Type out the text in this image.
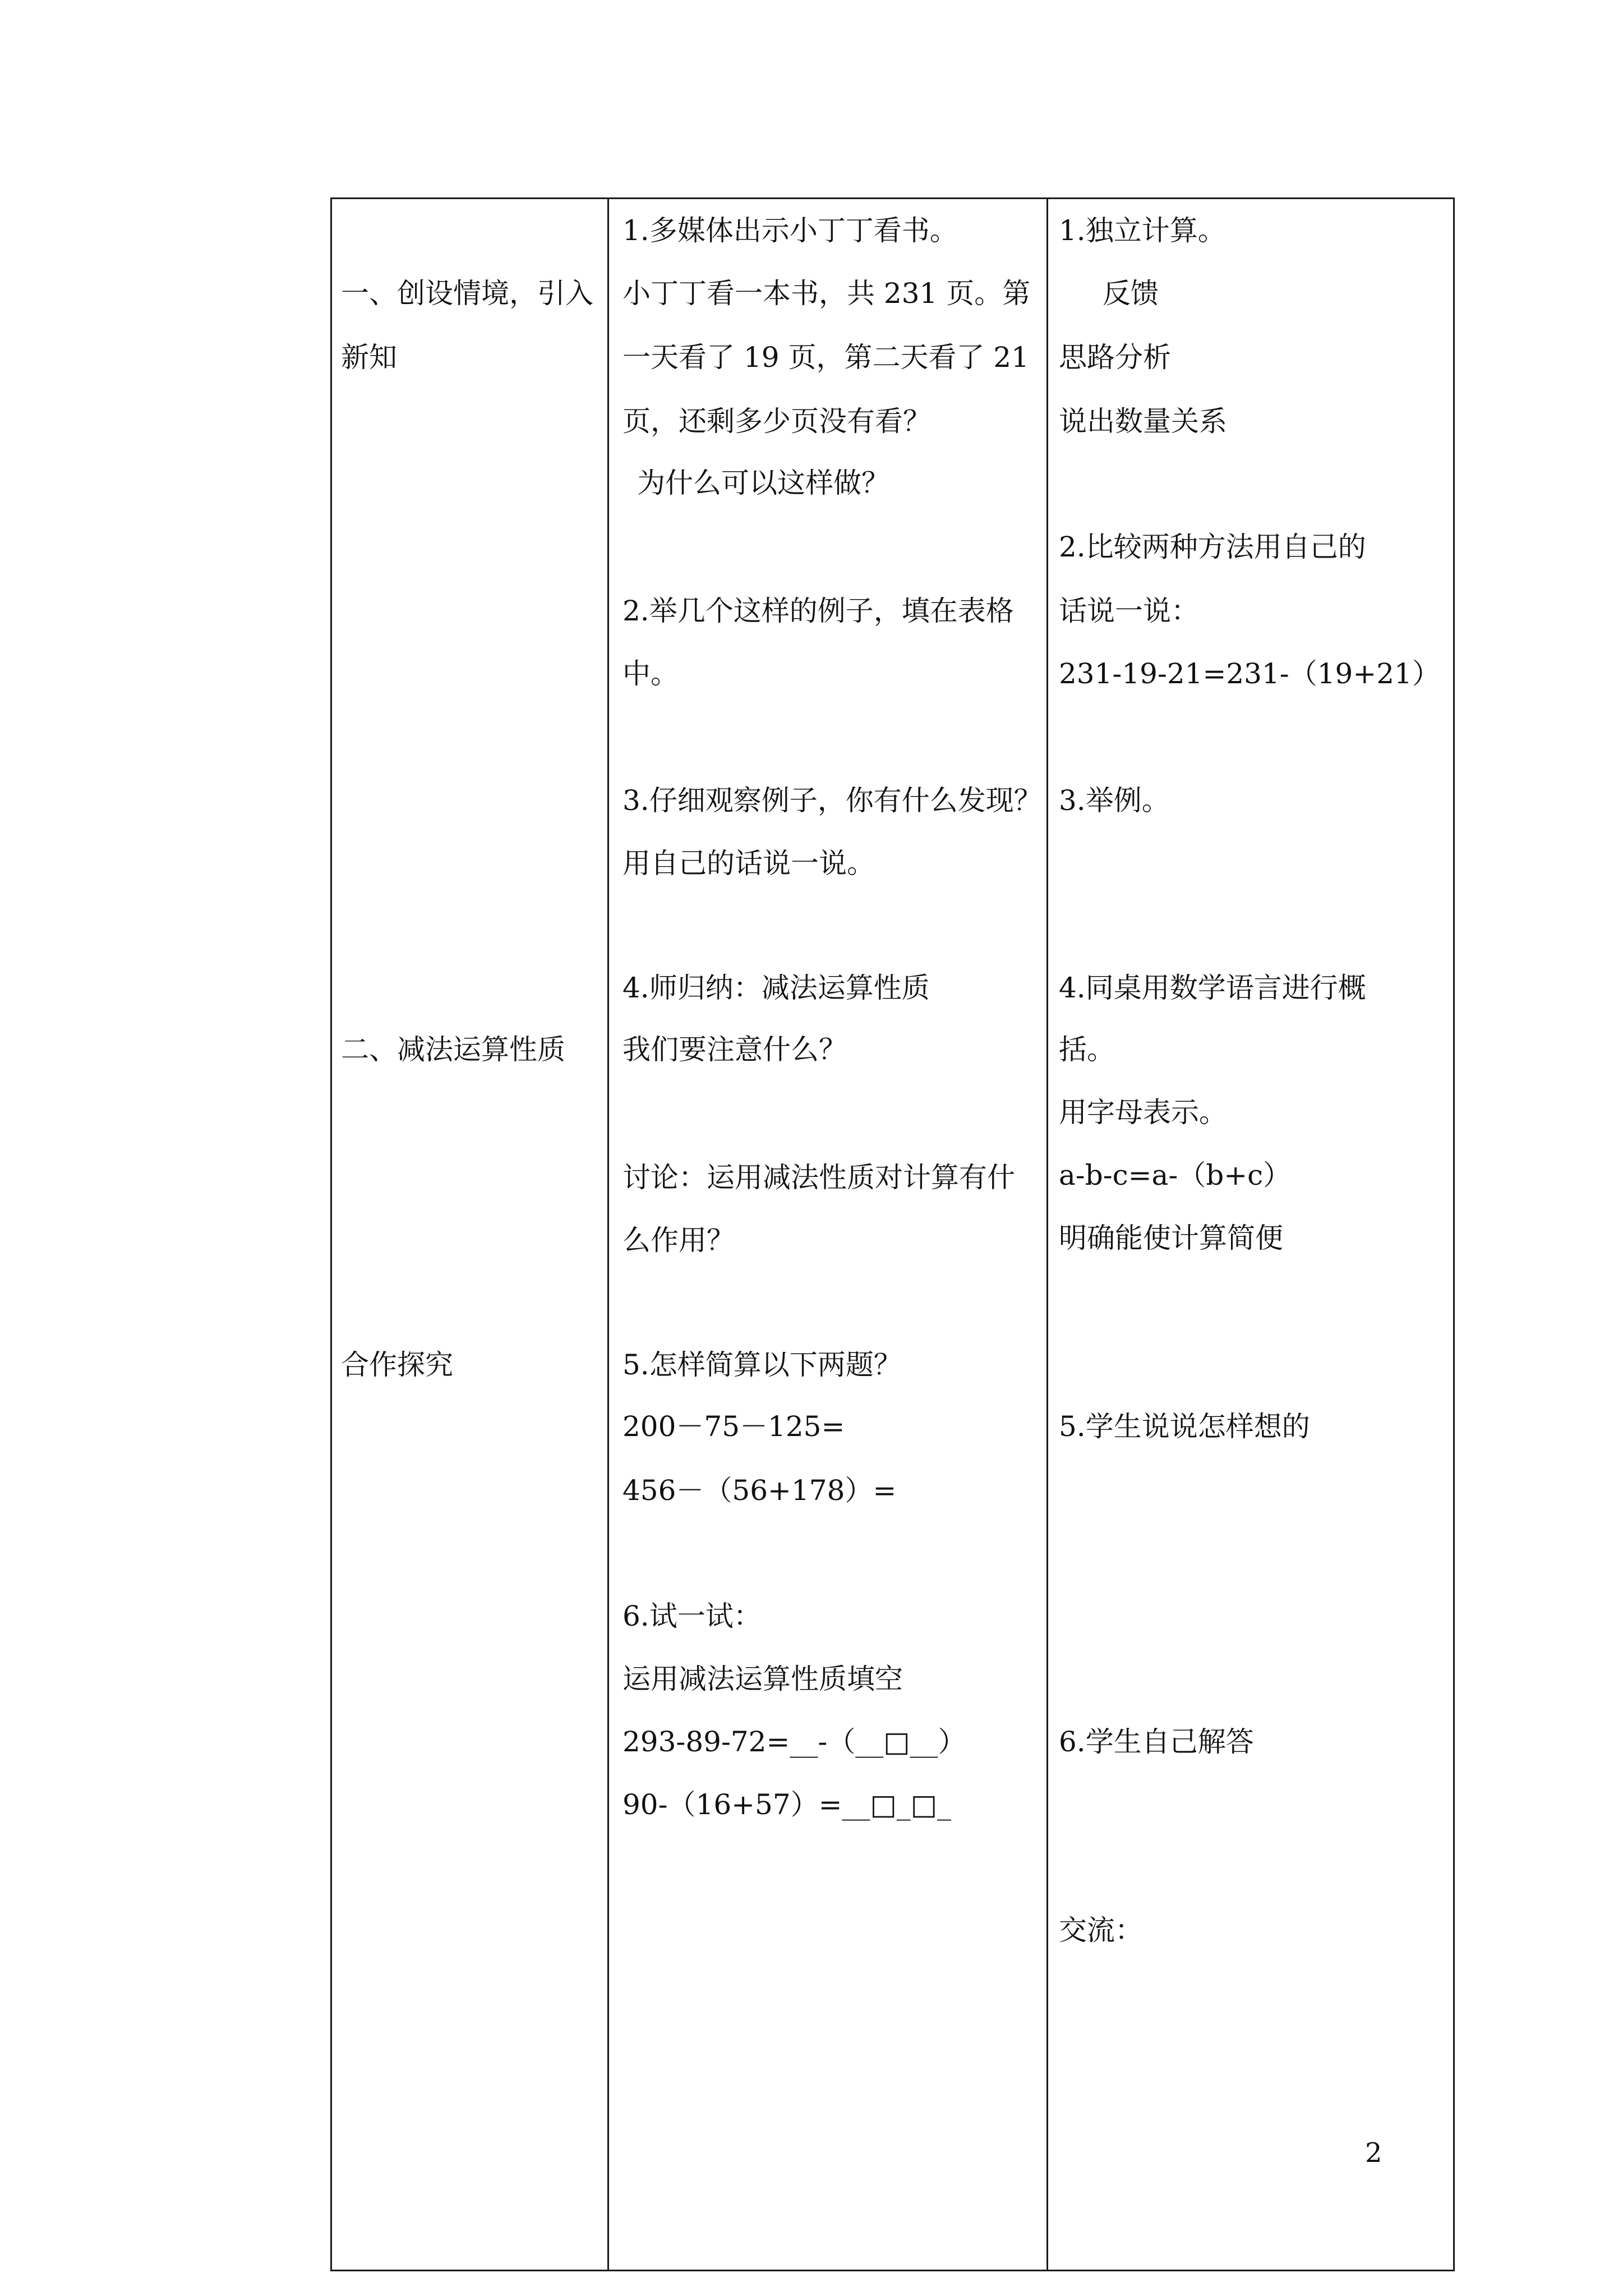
一、创设情境，引入
新知
二、减法运算性质
合作探究
1.多媒体出示小丁丁看书。
小丁丁看一本书，共 231 页。第
一天看了 19 页，第二天看了 21
页，还剩多少页没有看？
为什么可以这样做？
2.举几个这样的例子，填在表格
中。
3.仔细观察例子，你有什么发现？
用自己的话说一说。
4.师归纳：减法运算性质
我们要注意什么？
讨论：运用减法性质对计算有什
么作用？
5.怎样简算以下两题？
200－75－125=
456－（56+178）=
6.试一试：
运用减法运算性质填空
293-89-72=__-（__□__）
90-（16+57）=__□_□_
1.独立计算。
反馈
思路分析
说出数量关系
2.比较两种方法用自己的
话说一说：
231-19-21=231-（19+21）
3.举例。
4.同桌用数学语言进行概
括。
用字母表示。
a-b-c=a-（b+c）
明确能使计算简便
5.学生说说怎样想的
6.学生自己解答
交流：
2
